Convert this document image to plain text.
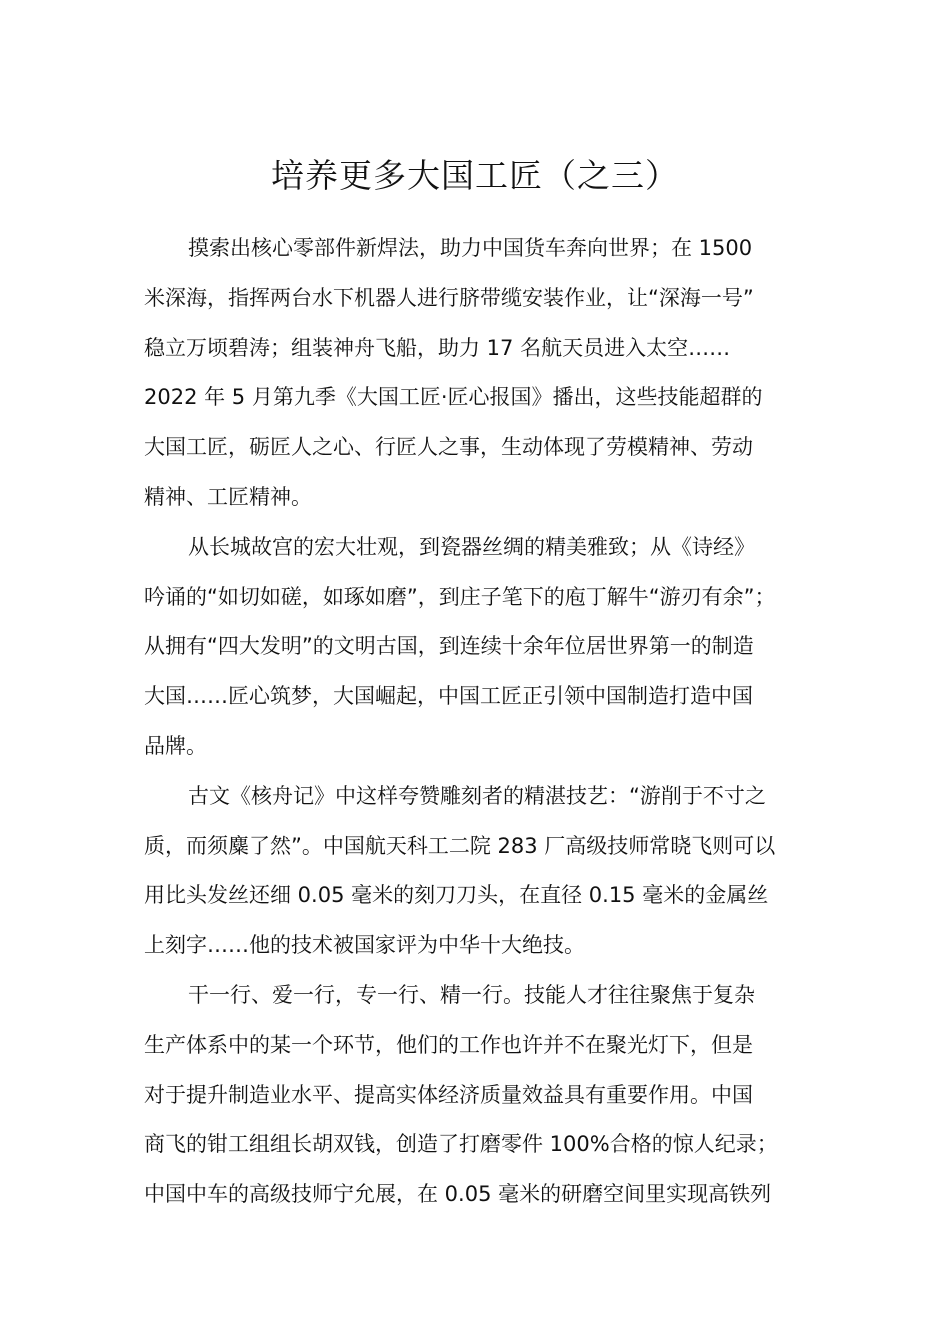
培养更多大国工匠（之三）
摸索出核心零部件新焊法，助力中国货车奔向世界；在 1500
米深海，指挥两台水下机器人进行脐带缆安装作业，让“深海一号”
稳立万顷碧涛；组装神舟飞船，助力 17 名航天员进入太空……
2022 年 5 月第九季《大国工匠·匠心报国》播出，这些技能超群的
大国工匠，砺匠人之心、行匠人之事，生动体现了劳模精神、劳动
精神、工匠精神。
从长城故宫的宏大壮观，到瓷器丝绸的精美雅致；从《诗经》
吟诵的“如切如磋，如琢如磨”，到庄子笔下的庖丁解牛“游刃有余”；
从拥有“四大发明”的文明古国，到连续十余年位居世界第一的制造
大国……匠心筑梦，大国崛起，中国工匠正引领中国制造打造中国
品牌。
古文《核舟记》中这样夸赞雕刻者的精湛技艺：“游削于不寸之
质，而须麋了然”。中国航天科工二院 283 厂高级技师常晓飞则可以
用比头发丝还细 0.05 毫米的刻刀刀头，在直径 0.15 毫米的金属丝
上刻字……他的技术被国家评为中华十大绝技。
干一行、爱一行，专一行、精一行。技能人才往往聚焦于复杂
生产体系中的某一个环节，他们的工作也许并不在聚光灯下，但是
对于提升制造业水平、提高实体经济质量效益具有重要作用。中国
商飞的钳工组组长胡双钱，创造了打磨零件 100%合格的惊人纪录；
中国中车的高级技师宁允展，在 0.05 毫米的研磨空间里实现高铁列
